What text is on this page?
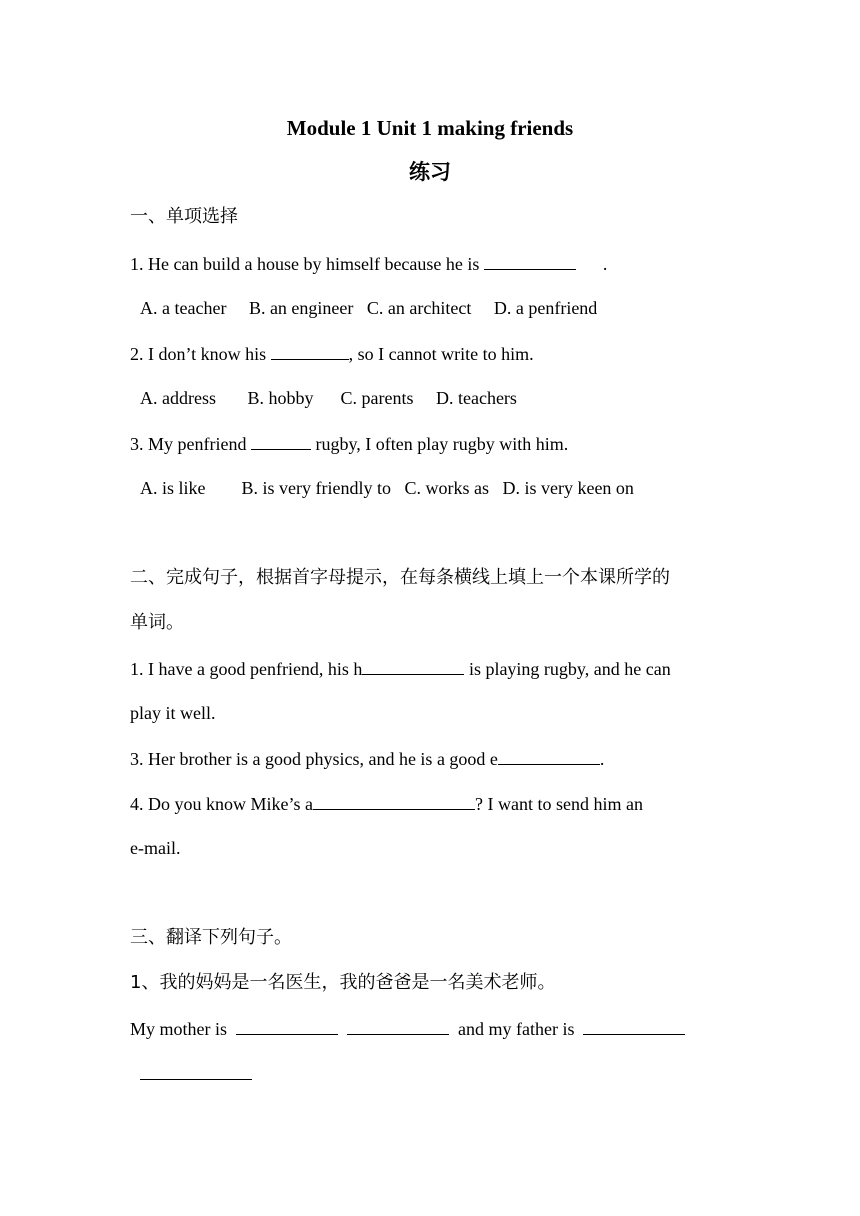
Module 1 Unit 1 making friends
练习
一、单项选择
1. He can build a house by himself because he is	.
A. a teacher     B. an engineer   C. an architect     D. a penfriend
2. I don’t know his	, so I cannot write to him.
A. address       B. hobby      C. parents     D. teachers
3. My penfriend	rugby, I often play rugby with him.
A. is like        B. is very friendly to   C. works as   D. is very keen on
二、完成句子，根据首字母提示，在每条横线上填上一个本课所学的
单词。
1. I have a good penfriend, his h	is playing rugby, and he can
play it well.
3. Her brother is a good physics, and he is a good e	.
4. Do you know Mike’s a	? I want to send him an
e-mail.
三、翻译下列句子。
1、我的妈妈是一名医生，我的爸爸是一名美术老师。
My mother is	and my father is
